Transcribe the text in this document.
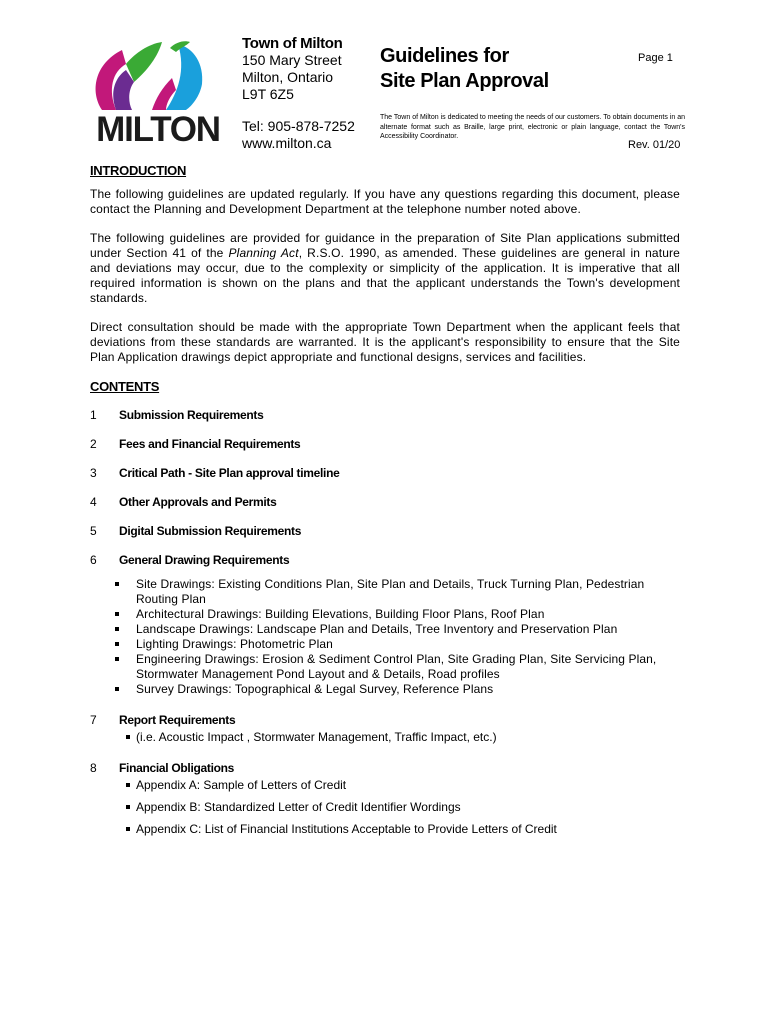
MILTON
Town of Milton
150 Mary Street
Milton, Ontario
L9T 6Z5
Tel: 905-878-7252
www.milton.ca
Guidelines for
Site Plan Approval
Page 1
The Town of Milton is dedicated to meeting the needs of our customers. To obtain documents in an alternate format such as Braille, large print, electronic or plain language, contact the Town's Accessibility Coordinator.
Rev. 01/20
INTRODUCTION

The following guidelines are updated regularly. If you have any questions regarding this document, please contact the Planning and Development Department at the telephone number noted above.

The following guidelines are provided for guidance in the preparation of Site Plan applications submitted under Section 41 of the Planning Act, R.S.O. 1990, as amended. These guidelines are general in nature and deviations may occur, due to the complexity or simplicity of the application. It is imperative that all required information is shown on the plans and that the applicant understands the Town's development standards.

Direct consultation should be made with the appropriate Town Department when the applicant feels that deviations from these standards are warranted. It is the applicant's responsibility to ensure that the Site Plan Application drawings depict appropriate and functional designs, services and facilities.

CONTENTS
1	Submission Requirements
2	Fees and Financial Requirements
3	Critical Path - Site Plan approval timeline
4	Other Approvals and Permits
5	Digital Submission Requirements
6	General Drawing Requirements
Site Drawings: Existing Conditions Plan, Site Plan and Details, Truck Turning Plan, Pedestrian Routing Plan
Architectural Drawings: Building Elevations, Building Floor Plans, Roof Plan
Landscape Drawings: Landscape Plan and Details, Tree Inventory and Preservation Plan
Lighting Drawings: Photometric Plan
Engineering Drawings: Erosion & Sediment Control Plan, Site Grading Plan, Site Servicing Plan, Stormwater Management Pond Layout and & Details, Road profiles
Survey Drawings: Topographical & Legal Survey, Reference Plans
7	Report Requirements
(i.e. Acoustic Impact , Stormwater Management, Traffic Impact, etc.)
8	Financial Obligations
Appendix A: Sample of Letters of Credit
Appendix B: Standardized Letter of Credit Identifier Wordings
Appendix C: List of Financial Institutions Acceptable to Provide Letters of Credit
